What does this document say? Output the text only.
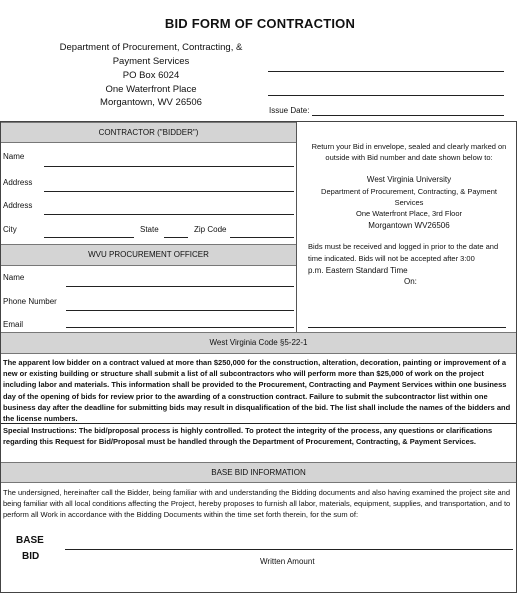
BID FORM OF CONTRACTION
Department of Procurement, Contracting, &
Payment Services
PO Box 6024
One Waterfront Place
Morgantown, WV 26506
Issue Date:
CONTRACTOR ("BIDDER")
Name
Address
Address
City	State	Zip Code
WVU PROCUREMENT OFFICER
Name
Phone Number
Email
Return your Bid in envelope, sealed and clearly marked on
outside with Bid number and date shown below to:
West Virginia University
Department of Procurement, Contracting, & Payment
Services
One Waterfront Place, 3rd Floor
Morgantown WV26506
Bids must be received and logged in prior to the date and
time indicated. Bids will not be accepted after 3:00
p.m. Eastern Standard Time
On:
West Virginia Code §5-22-1
The apparent low bidder on a contract valued at more than $250,000 for the construction, alteration, decoration, painting or improvement of a new or existing building or structure shall submit a list of all subcontractors who will perform more than $25,000 of work on the project including labor and materials. This information shall be provided to the Procurement, Contracting and Payment Services within one business day of the opening of bids for review prior to the awarding of a construction contract. Failure to submit the subcontractor list within one business day after the deadline for submitting bids may result in disqualification of the bid. The list shall include the names of the bidders and the license numbers.
Special Instructions: The bid/proposal process is highly controlled. To protect the integrity of the process, any questions or clarifications regarding this Request for Bid/Proposal must be handled through the Department of Procurement, Contracting, & Payment Services.
BASE BID INFORMATION
The undersigned, hereinafter call the Bidder, being familiar with and understanding the Bidding documents and also having examined the project site and being familiar with all local conditions affecting the Project, hereby proposes to furnish all labor, materials, equipment, supplies, and transportation, and to perform all Work in accordance with the Bidding Documents within the time set forth therein, for the sum of:
BASE
BID	Written Amount
